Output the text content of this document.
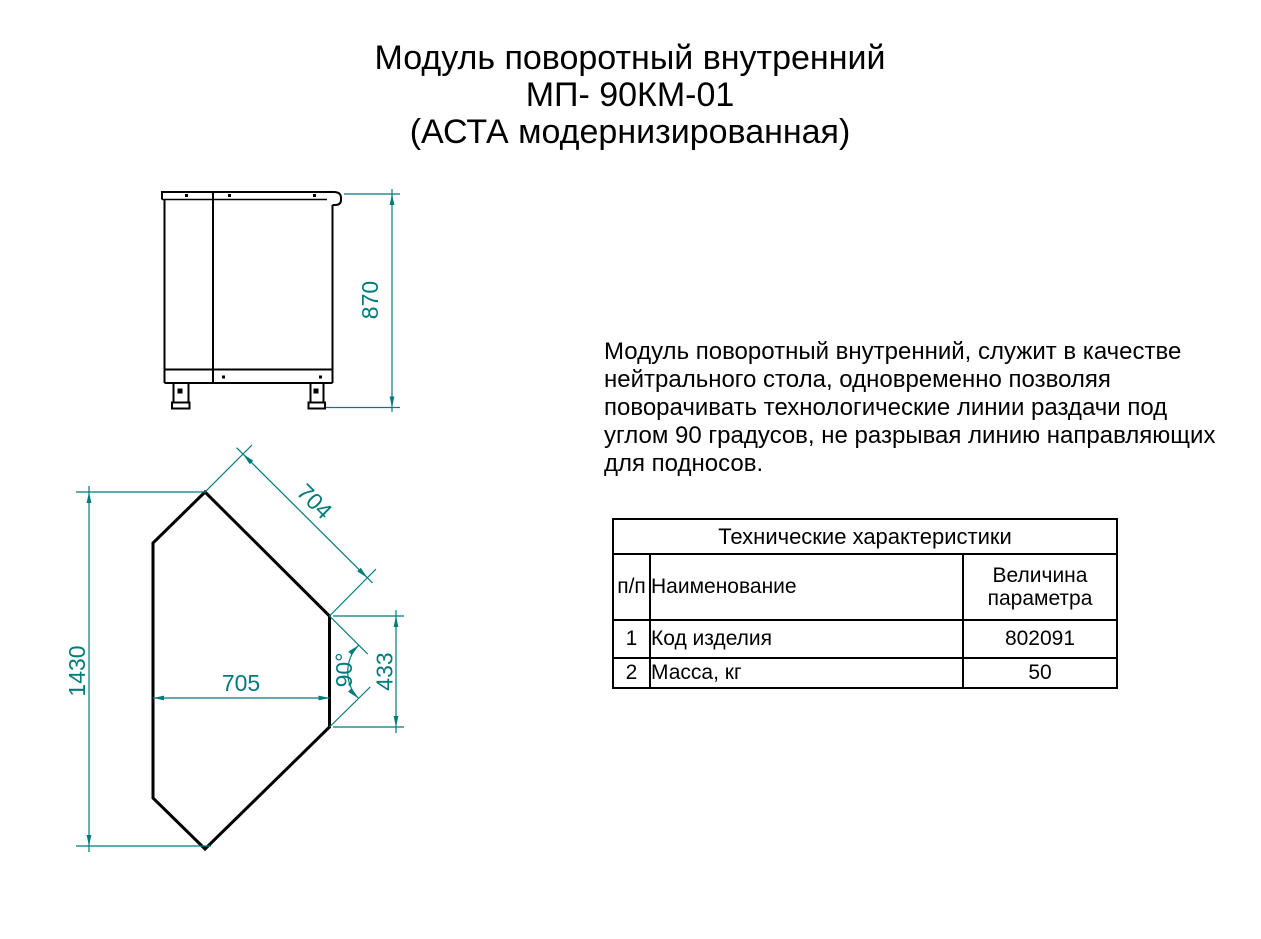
Модуль поворотный внутренний
МП- 90КМ-01
(АСТА модернизированная)
Модуль поворотный внутренний, служит в качестве
нейтрального стола, одновременно позволяя
поворачивать технологические линии раздачи под
углом 90 градусов, не разрывая линию направляющих
для подносов.
870
1430
704
705	433
90°
Технические характеристики		
п/п	Наименование	Величина параметра
1	Код изделия	802091
2	Масса, кг	50
